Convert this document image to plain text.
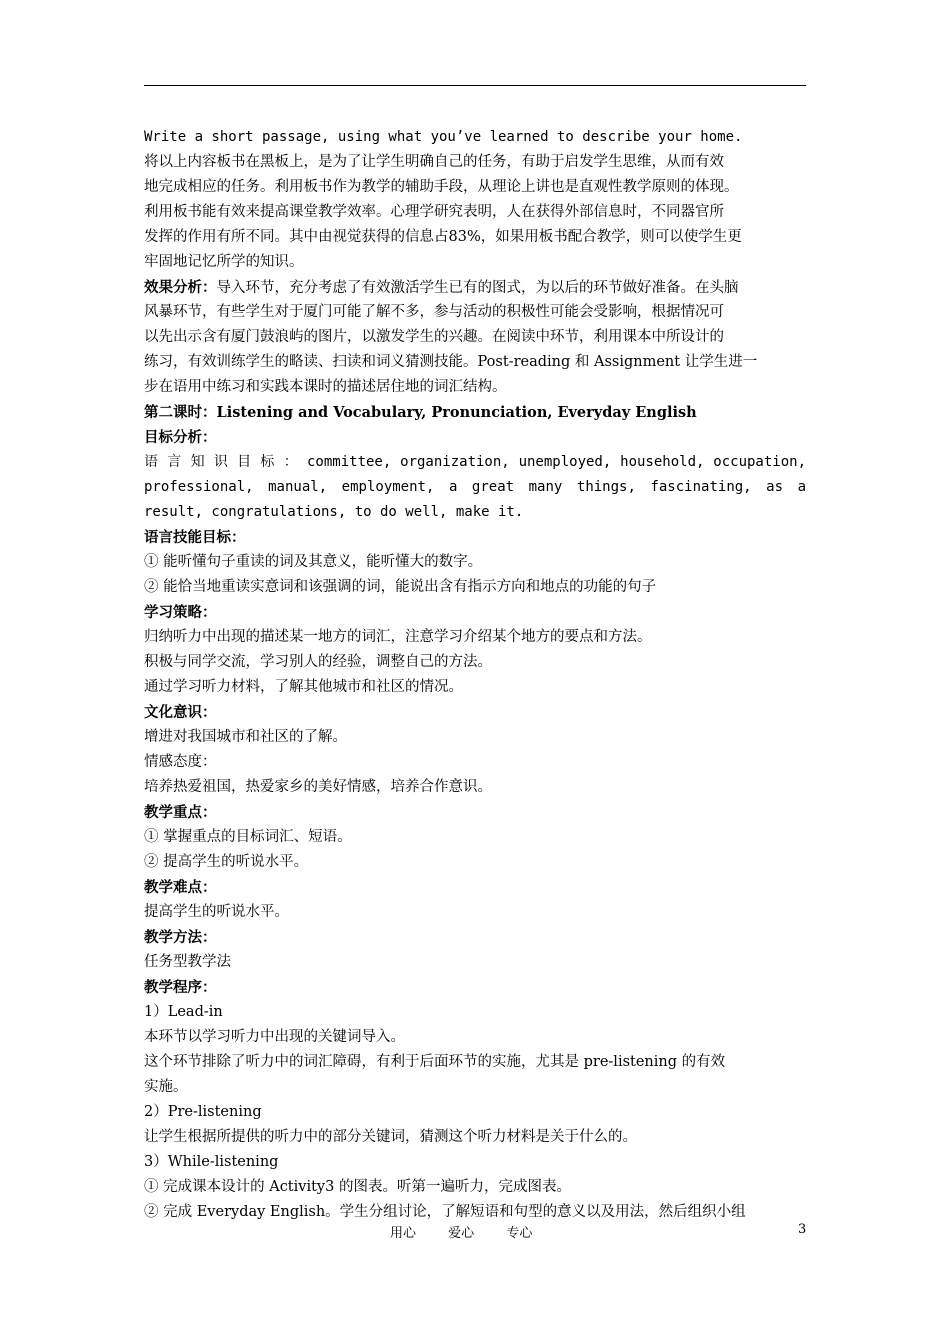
Write a short passage, using what you’ve learned to describe your home.
将以上内容板书在黑板上，是为了让学生明确自己的任务，有助于启发学生思维，从而有效
地完成相应的任务。利用板书作为教学的辅助手段，从理论上讲也是直观性教学原则的体现。
利用板书能有效来提高课堂教学效率。心理学研究表明，人在获得外部信息时，不同器官所
发挥的作用有所不同。其中由视觉获得的信息占83%，如果用板书配合教学，则可以使学生更
牢固地记忆所学的知识。
效果分析：导入环节，充分考虑了有效激活学生已有的图式，为以后的环节做好准备。在头脑
风暴环节，有些学生对于厦门可能了解不多，参与活动的积极性可能会受影响，根据情况可
以先出示含有厦门鼓浪屿的图片，以激发学生的兴趣。在阅读中环节，利用课本中所设计的
练习，有效训练学生的略读、扫读和词义猜测技能。Post-reading 和 Assignment 让学生进一
步在语用中练习和实践本课时的描述居住地的词汇结构。
第二课时：Listening and Vocabulary, Pronunciation, Everyday English
目标分析：
语 言 知 识 目 标 ： committee, organization, unemployed, household, occupation,
professional, manual, employment, a great many things, fascinating, as a
result, congratulations, to do well, make it.
语言技能目标：
① 能听懂句子重读的词及其意义，能听懂大的数字。
② 能恰当地重读实意词和该强调的词，能说出含有指示方向和地点的功能的句子
学习策略：
归纳听力中出现的描述某一地方的词汇，注意学习介绍某个地方的要点和方法。
积极与同学交流，学习别人的经验，调整自己的方法。
通过学习听力材料，了解其他城市和社区的情况。
文化意识：
增进对我国城市和社区的了解。
情感态度：
培养热爱祖国，热爱家乡的美好情感，培养合作意识。
教学重点：
① 掌握重点的目标词汇、短语。
② 提高学生的听说水平。
教学难点：
提高学生的听说水平。
教学方法：
任务型教学法
教学程序：
1）Lead-in
本环节以学习听力中出现的关键词导入。
这个环节排除了听力中的词汇障碍，有利于后面环节的实施，尤其是 pre-listening 的有效
实施。
2）Pre-listening
让学生根据所提供的听力中的部分关键词，猜测这个听力材料是关于什么的。
3）While-listening
① 完成课本设计的 Activity3 的图表。听第一遍听力，完成图表。
② 完成 Everyday English。学生分组讨论，了解短语和句型的意义以及用法，然后组织小组
用心 爱心 专心	3
